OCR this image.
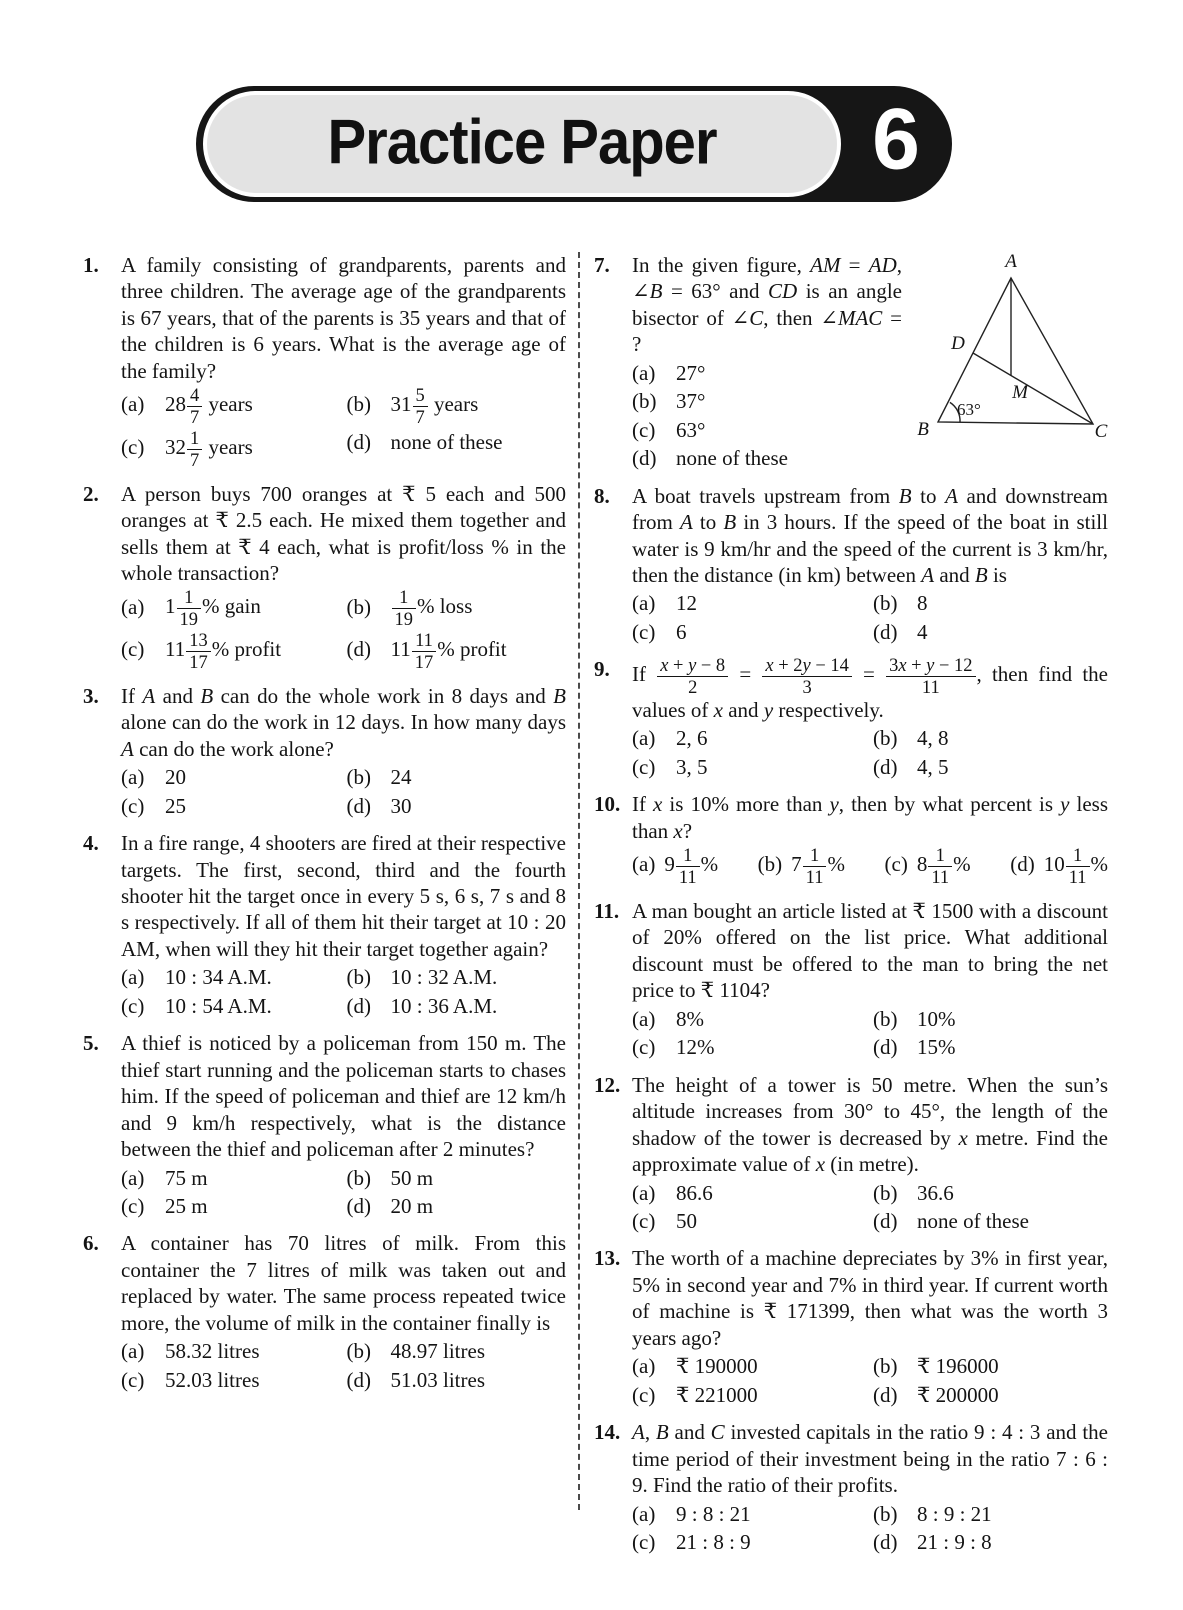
Practice Paper	6
1.	A family consisting of grandparents, parents and three children. The average age of the grandparents is 67 years, that of the parents is 35 years and that of the children is 6 years. What is the average age of the family?
(a) $28 \frac{4}{7}$ years	(b) $31 \frac{5}{7}$ years
(c) $32 \frac{1}{7}$ years	(d) none of these
2.	A person buys 700 oranges at ₹ 5 each and 500 oranges at ₹ 2.5 each. He mixed them together and sells them at ₹ 4 each, what is profit/loss % in the whole transaction?
(a) $1 \frac{1}{19}$ % gain	(b)	$\frac{1}{19}$ % loss
(c) $11 \frac{13}{17}$ % profit	(d) $11 \frac{11}{17}$ % profit
3.	If A and B can do the whole work in 8 days and B alone can do the work in 12 days. In how many days A can do the work alone?
(a) 20	(b) 24
(c) 25	(d) 30
4.	In a fire range, 4 shooters are fired at their respective targets. The first, second, third and the fourth shooter hit the target once in every 5 s, 6 s, 7 s and 8 s respectively. If all of them hit their target at 10 : 20 AM, when will they hit their target together again?
(a) 10 : 34 A.M.	(b) 10 : 32 A.M.
(c) 10 : 54 A.M.	(d) 10 : 36 A.M.
5.	A thief is noticed by a policeman from 150 m. The thief start running and the policeman starts to chases him. If the speed of policeman and thief are 12 km/h and 9 km/h respectively, what is the distance between the thief and policeman after 2 minutes?
(a) 75 m	(b) 50 m
(c) 25 m	(d) 20 m
6.	A container has 70 litres of milk. From this container the 7 litres of milk was taken out and replaced by water. The same process repeated twice more, the volume of milk in the container finally is
(a) 58.32 litres	(b) 48.97 litres
(c) 52.03 litres	(d) 51.03 litres
7.	In the given figure, AM = AD, ∠B = 63° and CD is an angle bisector of ∠C, then ∠MAC = ?
(a) 27°
(b) 37°
(c) 63°
(d) none of these
A
B	C
D
M
63°
8.	A boat travels upstream from B to A and downstream from A to B in 3 hours. If the speed of the boat in still water is 9 km/hr and the speed of the current is 3 km/hr, then the distance (in km) between A and B is
(a) 12	(b) 8
(c) 6	(d) 4
9.	If $\frac{x + y - 8}{2} = \frac{x + 2y - 14}{3} = \frac{3x + y - 12}{11}$ , then find the values of x and y respectively.
(a) 2, 6	(b) 4, 8
(c) 3, 5	(d) 4, 5
10. If x is 10% more than y, then by what percent is y less than x?
(a) $9 \frac{1}{11}$ % (b) $7 \frac{1}{11}$ % (c) $8 \frac{1}{11}$ % (d) $10 \frac{1}{11}$ %
11. A man bought an article listed at ₹ 1500 with a discount of 20% offered on the list price. What additional discount must be offered to the man to bring the net price to ₹ 1104?
(a) 8%	(b) 10%
(c) 12%	(d) 15%
12. The height of a tower is 50 metre. When the sun’s altitude increases from 30° to 45°, the length of the shadow of the tower is decreased by x metre. Find the approximate value of x (in metre).
(a) 86.6	(b) 36.6
(c) 50	(d) none of these
13. The worth of a machine depreciates by 3% in first year, 5% in second year and 7% in third year. If current worth of machine is ₹ 171399, then what was the worth 3 years ago?
(a) ₹ 190000	(b) ₹ 196000
(c) ₹ 221000	(d) ₹ 200000
14. A, B and C invested capitals in the ratio 9 : 4 : 3 and the time period of their investment being in the ratio 7 : 6 : 9. Find the ratio of their profits.
(a) 9 : 8 : 21	(b) 8 : 9 : 21
(c) 21 : 8 : 9	(d) 21 : 9 : 8
